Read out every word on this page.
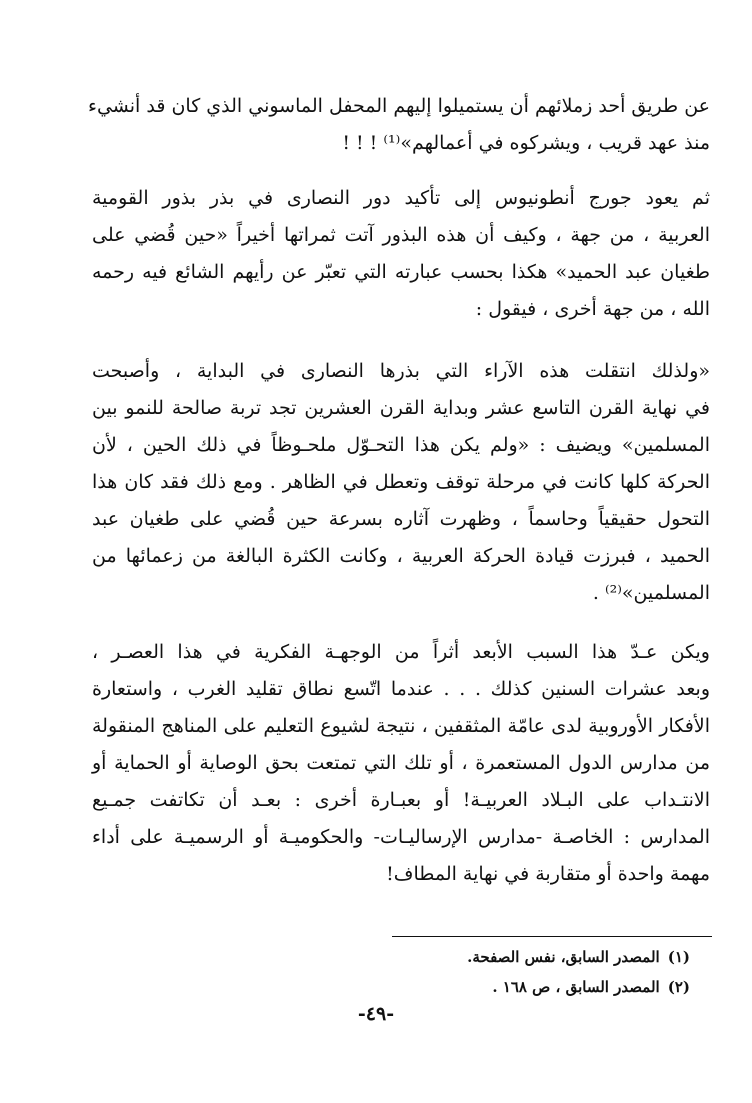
عن طريق أحد زملائهم أن يستميلوا إليهم المحفل الماسوني الذي كان قد أنشيء
منذ عهد قريب ، ويشركوه في أعمالهم»⁽¹⁾ ! ! !
ثم يعود جورج أنطونيوس إلى تأكيد دور النصارى في بذر بذور القومية
العربية ، من جهة ، وكيف أن هذه البذور آتت ثمراتها أخيراً «حين قُضي على
طغيان عبد الحميد» هكذا بحسب عبارته التي تعبّر عن رأيهم الشائع فيه رحمه
الله ، من جهة أخرى ، فيقول :
«ولذلك انتقلت هذه الآراء التي بذرها النصارى في البداية ، وأصبحت
في نهاية القرن التاسع عشر وبداية القرن العشرين تجد تربة صالحة للنمو بين
المسلمين» ويضيف : «ولم يكن هذا التحـوّل ملحـوظاً في ذلك الحين ، لأن
الحركة كلها كانت في مرحلة توقف وتعطل في الظاهر . ومع ذلك فقد كان هذا
التحول حقيقياً وحاسماً ، وظهرت آثاره بسرعة حين قُضي على طغيان عبد
الحميد ، فبرزت قيادة الحركة العربية ، وكانت الكثرة البالغة من زعمائها من
المسلمين»⁽²⁾ .
ويكن عـدّ هذا السبب الأبعد أثراً من الوجهـة الفكرية في هذا العصـر ،
وبعد عشرات السنين كذلك . . . عندما اتّسع نطاق تقليد الغرب ، واستعارة
الأفكار الأوروبية لدى عامّة المثقفين ، نتيجة لشيوع التعليم على المناهج المنقولة
من مدارس الدول المستعمرة ، أو تلك التي تمتعت بحق الوصاية أو الحماية أو
الانتـداب على البـلاد العربيـة! أو بعبـارة أخرى : بعـد أن تكاتفت جمـيع
المدارس : الخاصـة -مدارس الإرساليـات- والحكوميـة أو الرسميـة على أداء
مهمة واحدة أو متقاربة في نهاية المطاف!
(١)المصدر السابق، نفس الصفحة.
(٢)المصدر السابق ، ص ١٦٨ .
-٤٩-
